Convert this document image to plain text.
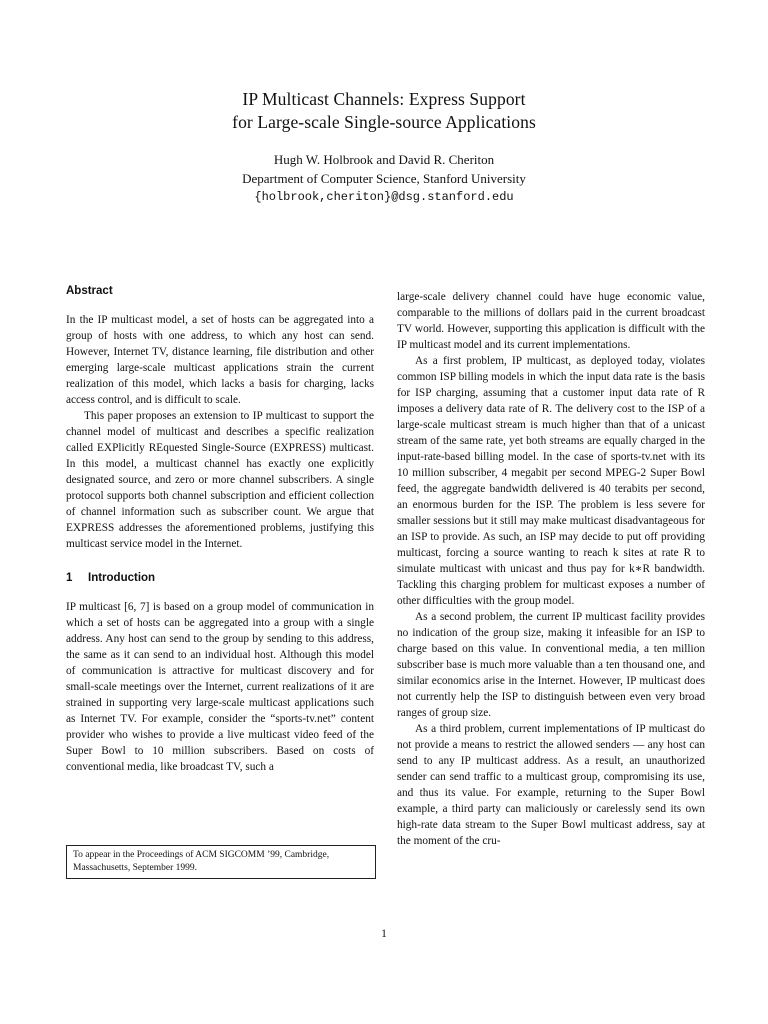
IP Multicast Channels: Express Support
for Large-scale Single-source Applications
Hugh W. Holbrook and David R. Cheriton
Department of Computer Science, Stanford University
{holbrook,cheriton}@dsg.stanford.edu
Abstract

In the IP multicast model, a set of hosts can be aggregated into a group of hosts with one address, to which any host can send. However, Internet TV, distance learning, file distribution and other emerging large-scale multicast applications strain the current realization of this model, which lacks a basis for charging, lacks access control, and is difficult to scale.

This paper proposes an extension to IP multicast to support the channel model of multicast and describes a specific realization called EXPlicitly REquested Single-Source (EXPRESS) multicast. In this model, a multicast channel has exactly one explicitly designated source, and zero or more channel subscribers. A single protocol supports both channel subscription and efficient collection of channel information such as subscriber count. We argue that EXPRESS addresses the aforementioned problems, justifying this multicast service model in the Internet.

1 Introduction

IP multicast [6, 7] is based on a group model of communication in which a set of hosts can be aggregated into a group with a single address. Any host can send to the group by sending to this address, the same as it can send to an individual host. Although this model of communication is attractive for multicast discovery and for small-scale meetings over the Internet, current realizations of it are strained in supporting very large-scale multicast applications such as Internet TV. For example, consider the “sports-tv.net” content provider who wishes to provide a live multicast video feed of the Super Bowl to 10 million subscribers. Based on costs of conventional media, like broadcast TV, such a

large-scale delivery channel could have huge economic value, comparable to the millions of dollars paid in the current broadcast TV world. However, supporting this application is difficult with the IP multicast model and its current implementations.

As a first problem, IP multicast, as deployed today, violates common ISP billing models in which the input data rate is the basis for ISP charging, assuming that a customer input data rate of R imposes a delivery data rate of R. The delivery cost to the ISP of a large-scale multicast stream is much higher than that of a unicast stream of the same rate, yet both streams are equally charged in the input-rate-based billing model. In the case of sports-tv.net with its 10 million subscriber, 4 megabit per second MPEG-2 Super Bowl feed, the aggregate bandwidth delivered is 40 terabits per second, an enormous burden for the ISP. The problem is less severe for smaller sessions but it still may make multicast disadvantageous for an ISP to provide. As such, an ISP may decide to put off providing multicast, forcing a source wanting to reach k sites at rate R to simulate multicast with unicast and thus pay for k∗R bandwidth. Tackling this charging problem for multicast exposes a number of other difficulties with the group model.

As a second problem, the current IP multicast facility provides no indication of the group size, making it infeasible for an ISP to charge based on this value. In conventional media, a ten million subscriber base is much more valuable than a ten thousand one, and similar economics arise in the Internet. However, IP multicast does not currently help the ISP to distinguish between even very broad ranges of group size.

As a third problem, current implementations of IP multicast do not provide a means to restrict the allowed senders — any host can send to any IP multicast address. As a result, an unauthorized sender can send traffic to a multicast group, compromising its use, and thus its value. For example, returning to the Super Bowl example, a third party can maliciously or carelessly send its own high-rate data stream to the Super Bowl multicast address, say at the moment of the cru-

To appear in the Proceedings of ACM SIGCOMM ’99, Cambridge, Massachusetts, September 1999.
1
